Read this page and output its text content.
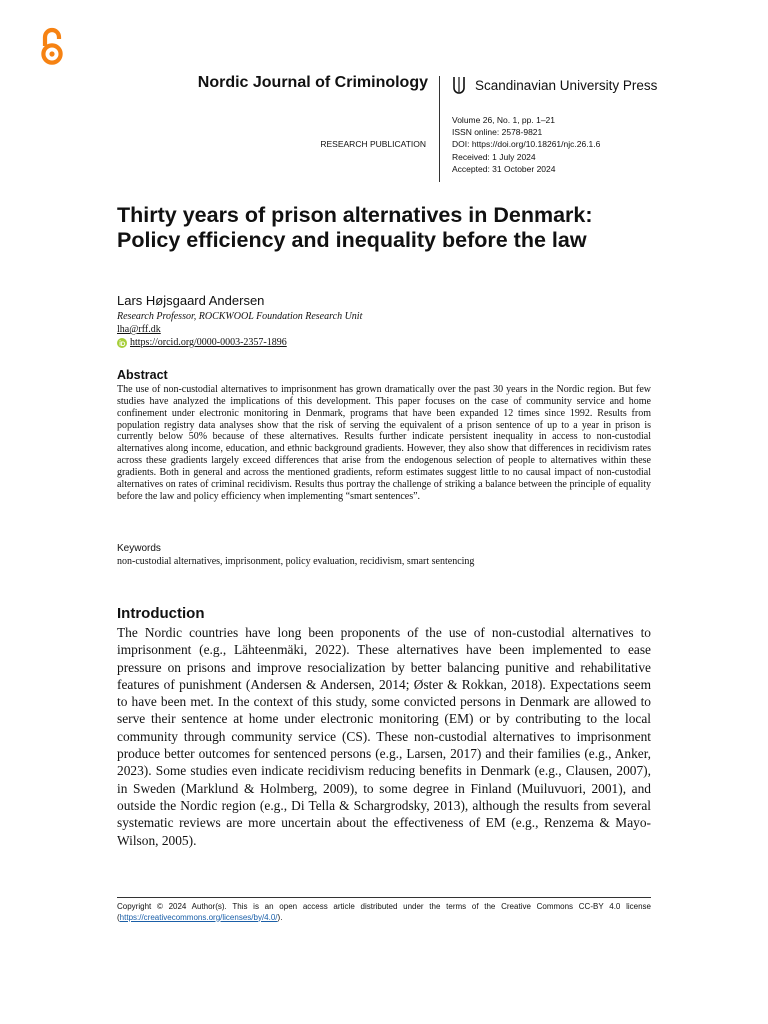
Nordic Journal of Criminology	Scandinavian University Press
RESEARCH PUBLICATION
Volume 26, No. 1, pp. 1–21
ISSN online: 2578-9821
DOI: https://doi.org/10.18261/njc.26.1.6
Received: 1 July 2024
Accepted: 31 October 2024
Thirty years of prison alternatives in Denmark: Policy efficiency and inequality before the law
Lars Højsgaard Andersen
Research Professor, ROCKWOOL Foundation Research Unit
lha@rff.dk
https://orcid.org/0000-0003-2357-1896
Abstract

The use of non-custodial alternatives to imprisonment has grown dramatically over the past 30 years in the Nordic region. But few studies have analyzed the implications of this development. This paper focuses on the case of community service and home confinement under electronic monitoring in Denmark, programs that have been expanded 12 times since 1992. Results from population registry data analyses show that the risk of serving the equivalent of a prison sentence of up to a year in prison is currently below 50% because of these alternatives. Results further indicate persistent inequality in access to non-custodial alternatives along income, education, and ethnic background gradients. However, they also show that differences in recidivism rates across these gradients largely exceed differences that arise from the endogenous selection of people to alternatives within these gradients. Both in general and across the mentioned gradients, reform estimates suggest little to no causal impact of non-custodial alternatives on rates of criminal recidivism. Results thus portray the challenge of striking a balance between the principle of equality before the law and policy efficiency when implementing “smart sentences”.

Keywords
non-custodial alternatives, imprisonment, policy evaluation, recidivism, smart sentencing
Introduction

The Nordic countries have long been proponents of the use of non-custodial alternatives to imprisonment (e.g., Lähteenmäki, 2022). These alternatives have been implemented to ease pressure on prisons and improve resocialization by better balancing punitive and rehabilitative features of punishment (Andersen & Andersen, 2014; Øster & Rokkan, 2018). Expectations seem to have been met. In the context of this study, some convicted persons in Denmark are allowed to serve their sentence at home under electronic monitoring (EM) or by contributing to the local community through community service (CS). These non-custodial alternatives to imprisonment produce better outcomes for sentenced persons (e.g., Larsen, 2017) and their families (e.g., Anker, 2023). Some studies even indicate recidivism reducing benefits in Denmark (e.g., Clausen, 2007), in Sweden (Marklund & Holmberg, 2009), to some degree in Finland (Muiluvuori, 2001), and outside the Nordic region (e.g., Di Tella & Schargrodsky, 2013), although the results from several systematic reviews are more uncertain about the effectiveness of EM (e.g., Renzema & Mayo-Wilson, 2005).

Copyright © 2024 Author(s). This is an open access article distributed under the terms of the Creative Commons CC-BY 4.0 license (https://creativecommons.org/licenses/by/4.0/).
